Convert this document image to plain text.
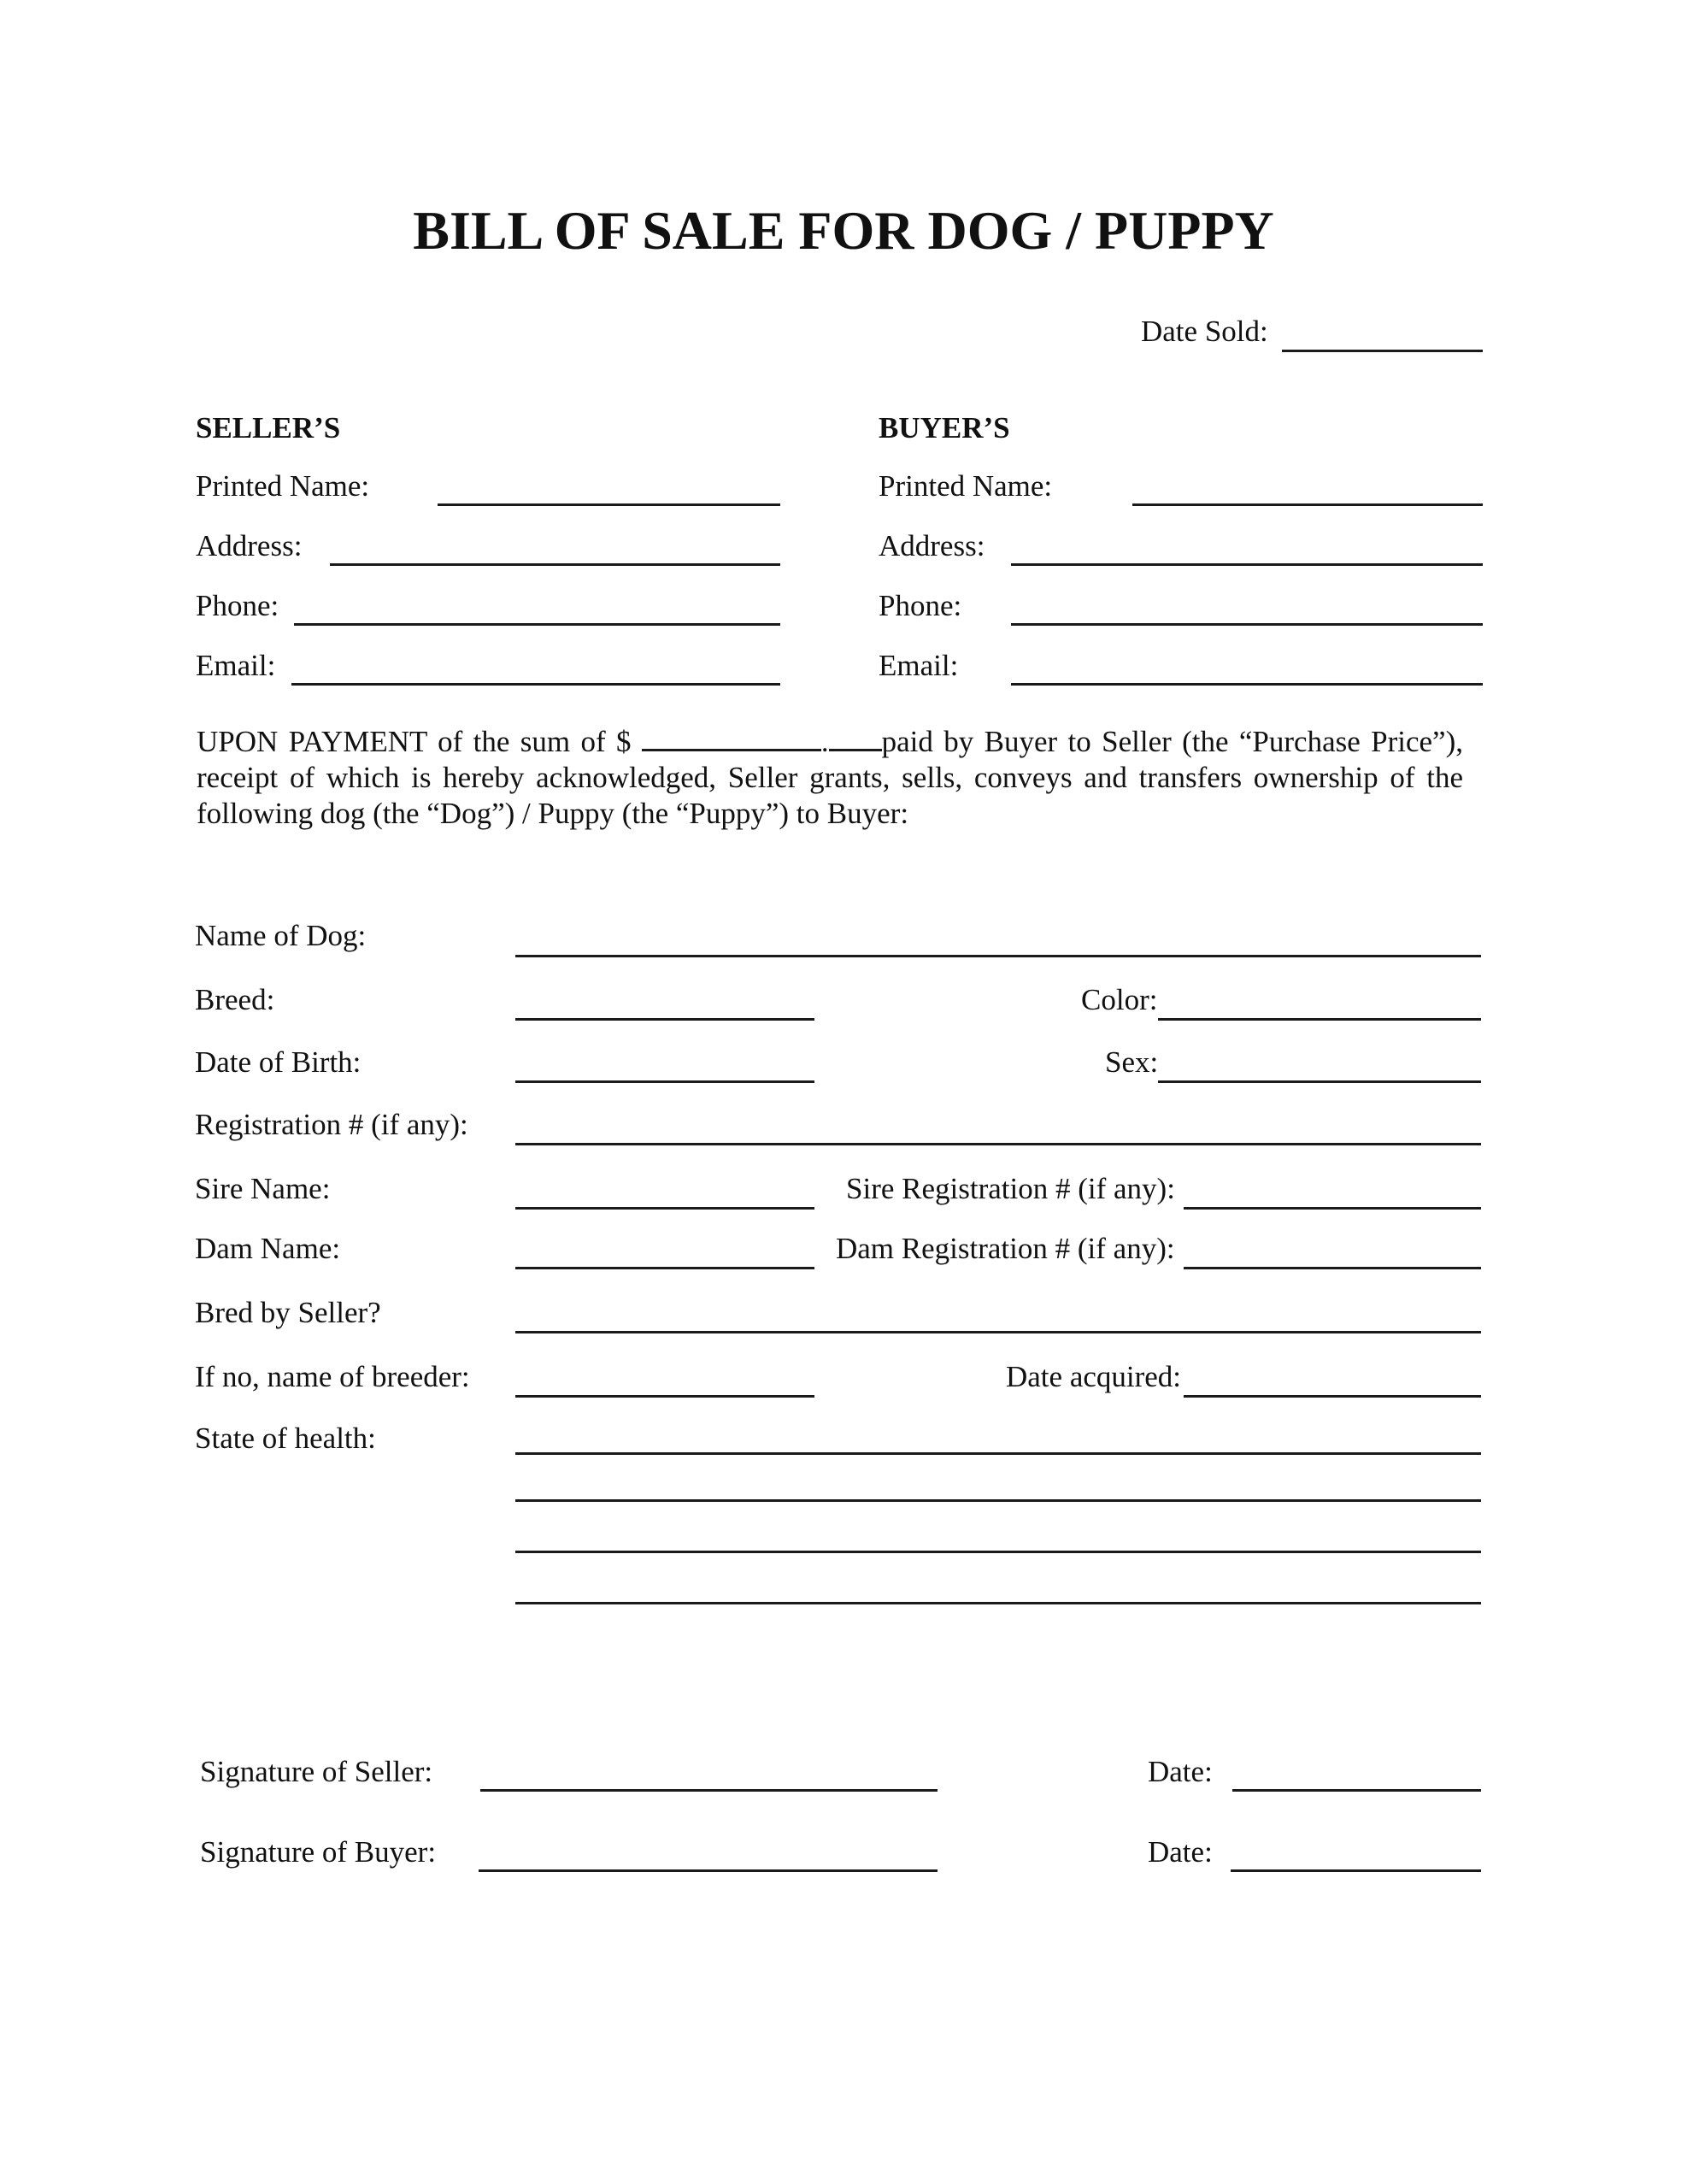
BILL OF SALE FOR DOG / PUPPY
Date Sold:
SELLER’S
Printed Name:
Address:
Phone:
Email:
BUYER’S
Printed Name:
Address:
Phone:
Email:
UPON PAYMENT of the sum of $	. paid by Buyer to Seller (the “Purchase Price”),
receipt of which is hereby acknowledged, Seller grants, sells, conveys and transfers ownership of the
following dog (the “Dog”) / Puppy (the “Puppy”) to Buyer:
Name of Dog:
Breed:	Color:
Date of Birth:	Sex:
Registration # (if any):
Sire Name:	Sire Registration # (if any):
Dam Name:	Dam Registration # (if any):
Bred by Seller?
If no, name of breeder:	Date acquired:
State of health:
Signature of Seller:	Date:
Signature of Buyer:	Date:
